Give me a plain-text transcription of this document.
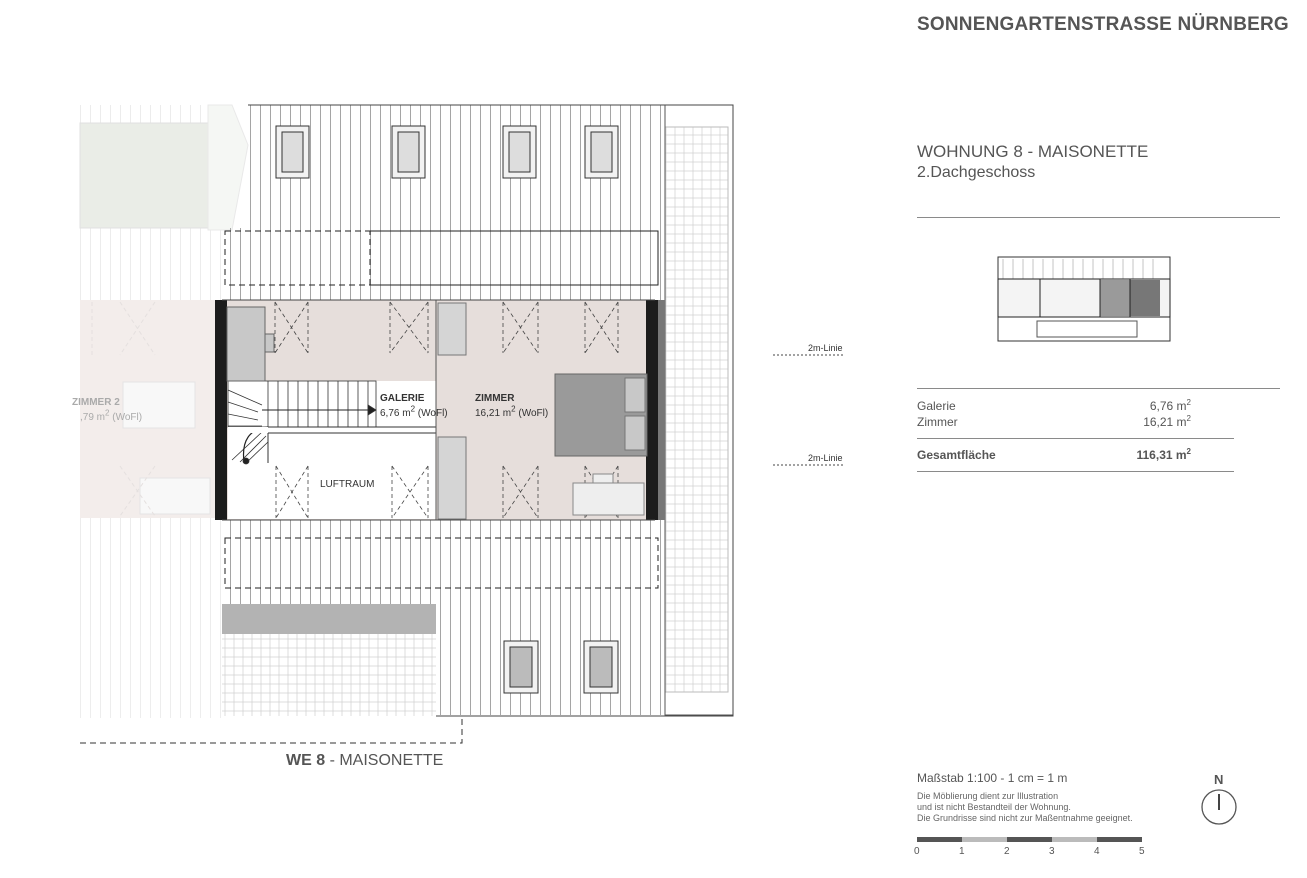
GALERIE
6,76 $m^2$ (WoFl)
ZIMMER
16,21 $m^2$ (WoFl)
LUFTRAUM
ZIMMER 2
,79 $m^2$ (WoFl)
2m-Linie
2m-Linie
WE 8 - MAISONETTE
SONNENGARTENSTRASSE NÜRNBERG
WOHNUNG 8 - MAISONETTE
2.Dachgeschoss
Galerie	6,76 $m^2$
Zimmer	16,21 $m^2$
Gesamtfläche	116,31 $m^2$
Maßstab 1:100 - 1 cm = 1 m
Die Möblierung dient zur Illustration
und ist nicht Bestandteil der Wohnung.
Die Grundrisse sind nicht zur Maßentnahme geeignet.
0	1	2	3	4	5
N
